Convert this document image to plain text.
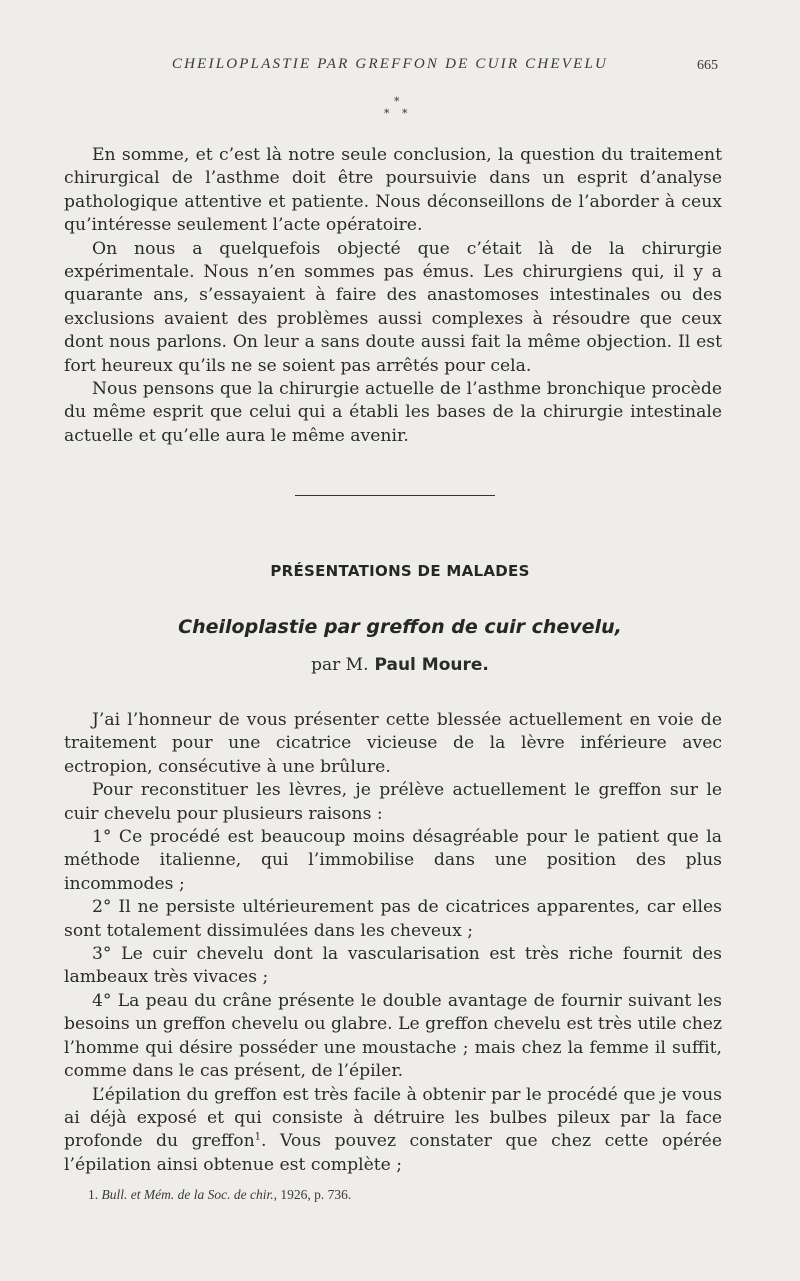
CHEILOPLASTIE PAR GREFFON DE CUIR CHEVELU	665
*
* *

En somme, et c’est là notre seule conclusion, la question du traitement chirurgical de l’asthme doit être poursuivie dans un esprit d’analyse pathologique attentive et patiente. Nous déconseillons de l’aborder à ceux qu’intéresse seulement l’acte opératoire.

On nous a quelquefois objecté que c’était là de la chirurgie expérimentale. Nous n’en sommes pas émus. Les chirurgiens qui, il y a quarante ans, s’essayaient à faire des anastomoses intestinales ou des exclusions avaient des problèmes aussi complexes à résoudre que ceux dont nous parlons. On leur a sans doute aussi fait la même objection. Il est fort heureux qu’ils ne se soient pas arrêtés pour cela.

Nous pensons que la chirurgie actuelle de l’asthme bronchique procède du même esprit que celui qui a établi les bases de la chirurgie intestinale actuelle et qu’elle aura le même avenir.

PRÉSENTATIONS DE MALADES
Cheiloplastie par greffon de cuir chevelu,
par M. Paul Moure.

J’ai l’honneur de vous présenter cette blessée actuellement en voie de traitement pour une cicatrice vicieuse de la lèvre inférieure avec ectropion, consécutive à une brûlure.

Pour reconstituer les lèvres, je prélève actuellement le greffon sur le cuir chevelu pour plusieurs raisons :

1° Ce procédé est beaucoup moins désagréable pour le patient que la méthode italienne, qui l’immobilise dans une position des plus incommodes ;

2° Il ne persiste ultérieurement pas de cicatrices apparentes, car elles sont totalement dissimulées dans les cheveux ;

3° Le cuir chevelu dont la vascularisation est très riche fournit des lambeaux très vivaces ;

4° La peau du crâne présente le double avantage de fournir suivant les besoins un greffon chevelu ou glabre. Le greffon chevelu est très utile chez l’homme qui désire posséder une moustache ; mais chez la femme il suffit, comme dans le cas présent, de l’épiler.

L’épilation du greffon est très facile à obtenir par le procédé que je vous ai déjà exposé et qui consiste à détruire les bulbes pileux par la face profonde du greffon$^1$. Vous pouvez constater que chez cette opérée l’épilation ainsi obtenue est complète ;

1. Bull. et Mém. de la Soc. de chir., 1926, p. 736.
